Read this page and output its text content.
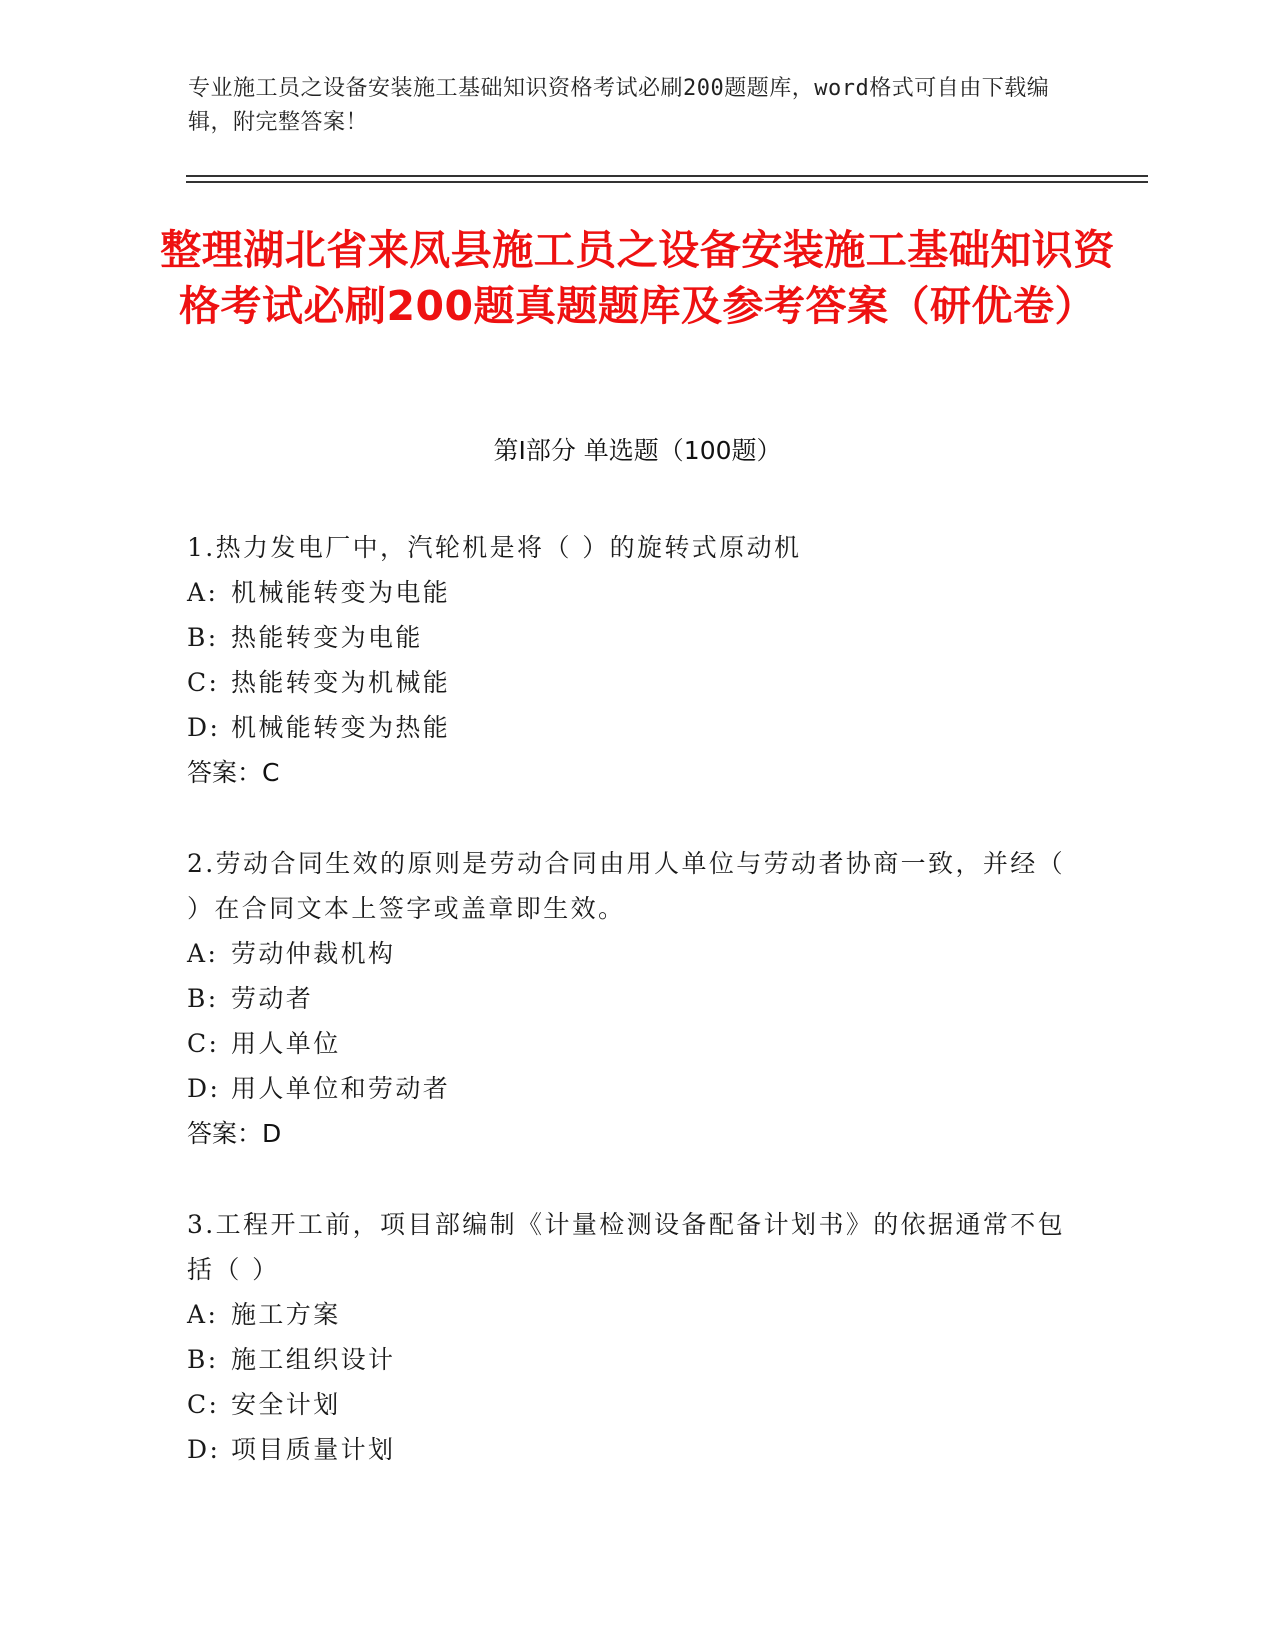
专业施工员之设备安装施工基础知识资格考试必刷200题题库，word格式可自由下载编辑，附完整答案！
整理湖北省来凤县施工员之设备安装施工基础知识资格考试必刷200题真题题库及参考答案（研优卷）
第Ⅰ部分 单选题（100题）
1.热力发电厂中，汽轮机是将（ ）的旋转式原动机
A: 机械能转变为电能
B: 热能转变为电能
C: 热能转变为机械能
D: 机械能转变为热能
答案：C
2.劳动合同生效的原则是劳动合同由用人单位与劳动者协商一致，并经（ ）在合同文本上签字或盖章即生效。
A: 劳动仲裁机构
B: 劳动者
C: 用人单位
D: 用人单位和劳动者
答案：D
3.工程开工前，项目部编制《计量检测设备配备计划书》的依据通常不包括（ ）
A: 施工方案
B: 施工组织设计
C: 安全计划
D: 项目质量计划
